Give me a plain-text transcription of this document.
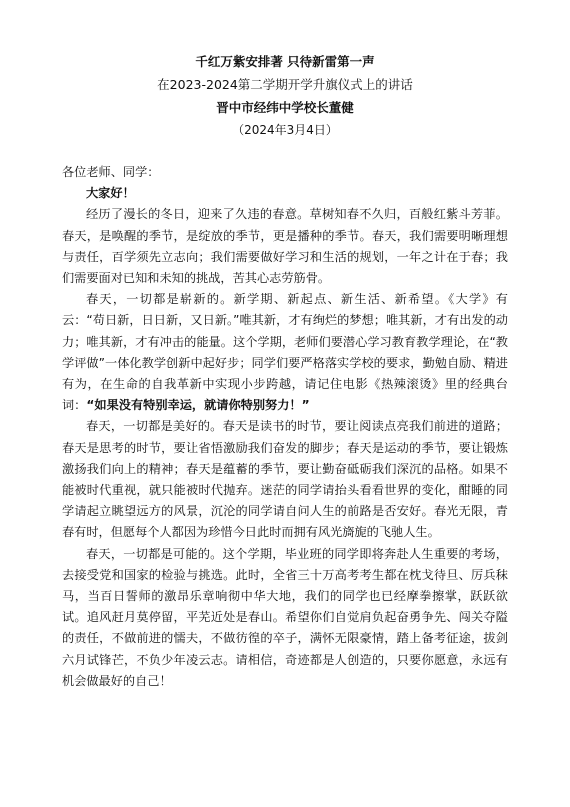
千红万紫安排著 只待新雷第一声
在2023-2024第二学期开学升旗仪式上的讲话
晋中市经纬中学校长董健
（2024年3月4日）

各位老师、同学：

大家好！

经历了漫长的冬日，迎来了久违的春意。草树知春不久归，百般红紫斗芳菲。春天，是唤醒的季节，是绽放的季节，更是播种的季节。春天，我们需要明晰理想与责任，百学须先立志向；我们需要做好学习和生活的规划，一年之计在于春；我们需要面对已知和未知的挑战，苦其心志劳筋骨。

春天，一切都是崭新的。新学期、新起点、新生活、新希望。《大学》有云：“苟日新，日日新，又日新。”唯其新，才有绚烂的梦想；唯其新，才有出发的动力；唯其新，才有冲击的能量。这个学期，老师们要潜心学习教育教学理论，在“教学评做”一体化教学创新中起好步；同学们要严格落实学校的要求，勤勉自励、精进有为，在生命的自我革新中实现小步跨越，请记住电影《热辣滚烫》里的经典台词：“如果没有特别幸运，就请你特别努力！”

春天，一切都是美好的。春天是读书的时节，要让阅读点亮我们前进的道路；春天是思考的时节，要让省悟激励我们奋发的脚步；春天是运动的季节，要让锻炼激扬我们向上的精神；春天是蕴蓄的季节，要让勤奋砥砺我们深沉的品格。如果不能被时代重视，就只能被时代抛弃。迷茫的同学请抬头看看世界的变化，酣睡的同学请起立眺望远方的风景，沉沦的同学请自问人生的前路是否安好。春光无限，青春有时，但愿每个人都因为珍惜今日此时而拥有风光旖旎的飞驰人生。

春天，一切都是可能的。这个学期，毕业班的同学即将奔赴人生重要的考场，去接受党和国家的检验与挑选。此时，全省三十万高考考生都在枕戈待旦、厉兵秣马，当百日誓师的激昂乐章响彻中华大地，我们的同学也已经摩拳擦掌，跃跃欲试。追风赶月莫停留，平芜近处是春山。希望你们自觉肩负起奋勇争先、闯关夺隘的责任，不做前进的懦夫，不做彷徨的卒子，满怀无限豪情，踏上备考征途，拔剑六月试锋芒，不负少年凌云志。请相信，奇迹都是人创造的，只要你愿意，永远有机会做最好的自己！
